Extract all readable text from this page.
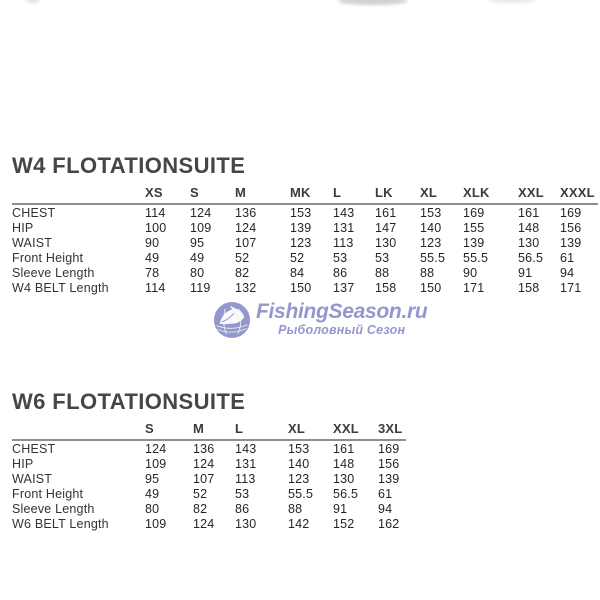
W4 FLOTATIONSUITE
	XS	S	M	MK	L	LK	XL	XLK	XXL	XXXL
CHEST	114	124	136	153	143	161	153	169	161	169
HIP	100	109	124	139	131	147	140	155	148	156
WAIST	90	95	107	123	113	130	123	139	130	139
Front Height	49	49	52	52	53	53	55.5	55.5	56.5	61
Sleeve Length	78	80	82	84	86	88	88	90	91	94
W4 BELT Length	114	119	132	150	137	158	150	171	158	171
FishingSeason.ru
Рыболовный Сезон
W6 FLOTATIONSUITE
	S	M	L	XL	XXL	3XL
CHEST	124	136	143	153	161	169
HIP	109	124	131	140	148	156
WAIST	95	107	113	123	130	139
Front Height	49	52	53	55.5	56.5	61
Sleeve Length	80	82	86	88	91	94
W6 BELT Length	109	124	130	142	152	162
